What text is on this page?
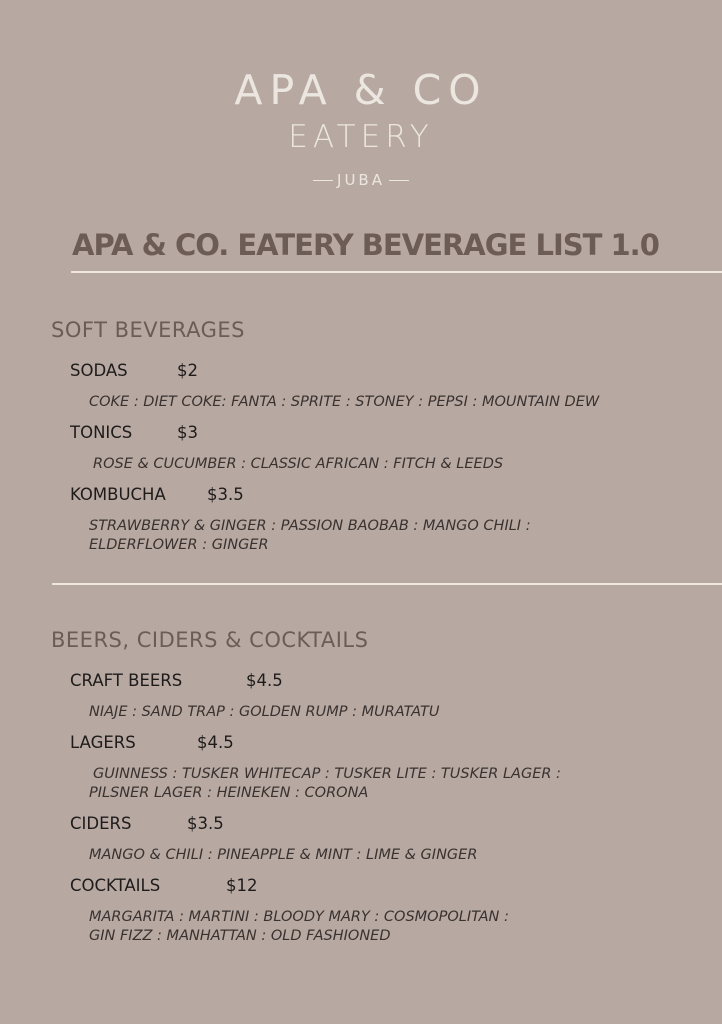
APA & CO
EATERY
JUBA
APA & CO. EATERY BEVERAGE LIST 1.0
SOFT BEVERAGES
SODAS	$2
COKE : DIET COKE: FANTA : SPRITE : STONEY : PEPSI : MOUNTAIN DEW
TONICS	$3
ROSE & CUCUMBER : CLASSIC AFRICAN : FITCH & LEEDS
KOMBUCHA $3.5
STRAWBERRY & GINGER : PASSION BAOBAB : MANGO CHILI :
ELDERFLOWER : GINGER
BEERS, CIDERS & COCKTAILS
CRAFT BEERS	$4.5
NIAJE : SAND TRAP : GOLDEN RUMP : MURATATU
LAGERS	$4.5
GUINNESS : TUSKER WHITECAP : TUSKER LITE : TUSKER LAGER :
PILSNER LAGER : HEINEKEN : CORONA
CIDERS	$3.5
MANGO & CHILI : PINEAPPLE & MINT : LIME & GINGER
COCKTAILS	$12
MARGARITA : MARTINI : BLOODY MARY : COSMOPOLITAN :
GIN FIZZ : MANHATTAN : OLD FASHIONED
